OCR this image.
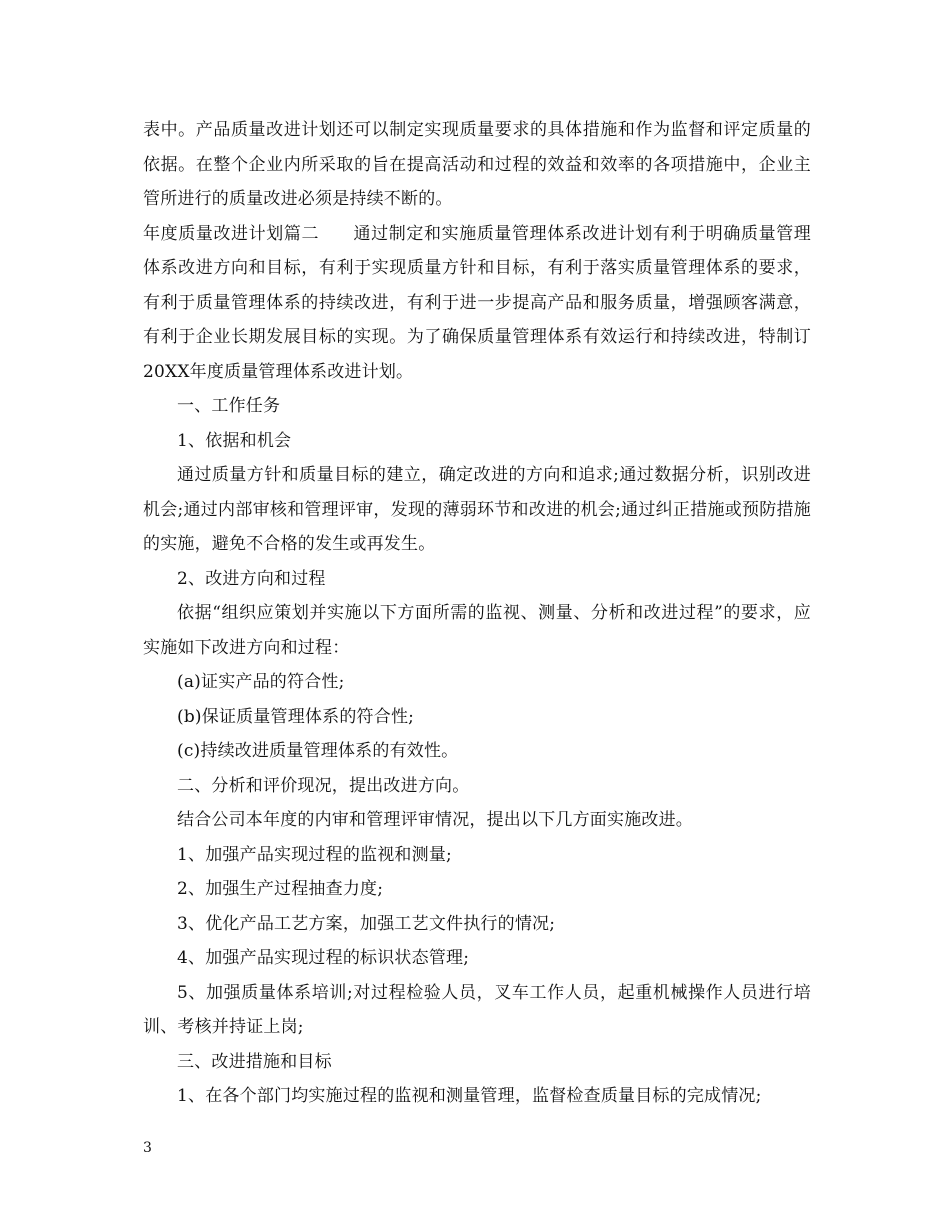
表中。产品质量改进计划还可以制定实现质量要求的具体措施和作为监督和评定质量的依据。在整个企业内所采取的旨在提高活动和过程的效益和效率的各项措施中，企业主管所进行的质量改进必须是持续不断的。

年度质量改进计划篇二 通过制定和实施质量管理体系改进计划有利于明确质量管理体系改进方向和目标，有利于实现质量方针和目标，有利于落实质量管理体系的要求，有利于质量管理体系的持续改进，有利于进一步提高产品和服务质量，增强顾客满意，有利于企业长期发展目标的实现。为了确保质量管理体系有效运行和持续改进，特制订20XX年度质量管理体系改进计划。

一、工作任务

1、依据和机会

通过质量方针和质量目标的建立，确定改进的方向和追求;通过数据分析，识别改进机会;通过内部审核和管理评审，发现的薄弱环节和改进的机会;通过纠正措施或预防措施的实施，避免不合格的发生或再发生。

2、改进方向和过程

依据“组织应策划并实施以下方面所需的监视、测量、分析和改进过程”的要求，应实施如下改进方向和过程：

(a)证实产品的符合性;

(b)保证质量管理体系的符合性;

(c)持续改进质量管理体系的有效性。

二、分析和评价现况，提出改进方向。

结合公司本年度的内审和管理评审情况，提出以下几方面实施改进。

1、加强产品实现过程的监视和测量;

2、加强生产过程抽查力度;

3、优化产品工艺方案，加强工艺文件执行的情况;

4、加强产品实现过程的标识状态管理;

5、加强质量体系培训;对过程检验人员，叉车工作人员，起重机械操作人员进行培训、考核并持证上岗;

三、改进措施和目标

1、在各个部门均实施过程的监视和测量管理，监督检查质量目标的完成情况;

3
